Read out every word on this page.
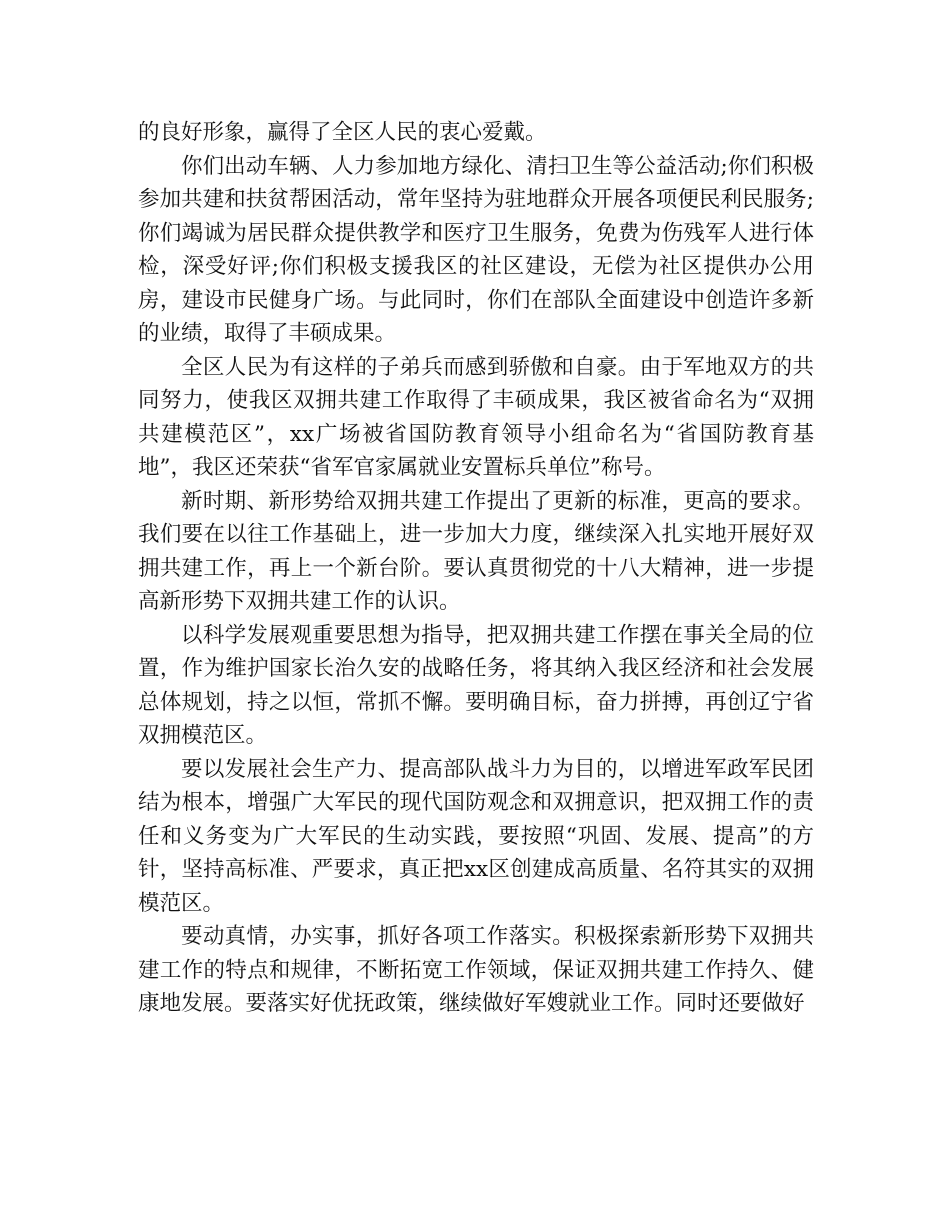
的良好形象，赢得了全区人民的衷心爱戴。

你们出动车辆、人力参加地方绿化、清扫卫生等公益活动;你们积极参加共建和扶贫帮困活动，常年坚持为驻地群众开展各项便民利民服务;你们竭诚为居民群众提供教学和医疗卫生服务，免费为伤残军人进行体检，深受好评;你们积极支援我区的社区建设，无偿为社区提供办公用房，建设市民健身广场。与此同时，你们在部队全面建设中创造许多新的业绩，取得了丰硕成果。

全区人民为有这样的子弟兵而感到骄傲和自豪。由于军地双方的共同努力，使我区双拥共建工作取得了丰硕成果，我区被省命名为“双拥共建模范区”，xx广场被省国防教育领导小组命名为“省国防教育基地”，我区还荣获“省军官家属就业安置标兵单位”称号。

新时期、新形势给双拥共建工作提出了更新的标准，更高的要求。我们要在以往工作基础上，进一步加大力度，继续深入扎实地开展好双拥共建工作，再上一个新台阶。要认真贯彻党的十八大精神，进一步提高新形势下双拥共建工作的认识。

以科学发展观重要思想为指导，把双拥共建工作摆在事关全局的位置，作为维护国家长治久安的战略任务，将其纳入我区经济和社会发展总体规划，持之以恒，常抓不懈。要明确目标，奋力拼搏，再创辽宁省双拥模范区。

要以发展社会生产力、提高部队战斗力为目的，以增进军政军民团结为根本，增强广大军民的现代国防观念和双拥意识，把双拥工作的责任和义务变为广大军民的生动实践，要按照“巩固、发展、提高”的方针，坚持高标准、严要求，真正把xx区创建成高质量、名符其实的双拥模范区。

要动真情，办实事，抓好各项工作落实。积极探索新形势下双拥共建工作的特点和规律，不断拓宽工作领域，保证双拥共建工作持久、健康地发展。要落实好优抚政策，继续做好军嫂就业工作。同时还要做好
